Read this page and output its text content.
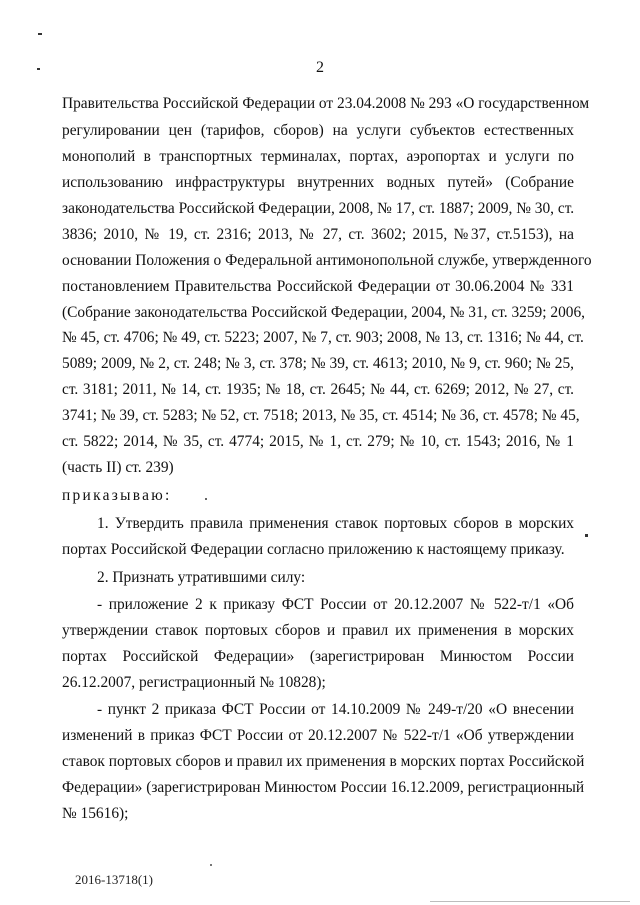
2
Правительства Российской Федерации от 23.04.2008 № 293 «О государственном
регулировании цен (тарифов, сборов) на услуги субъектов естественных
монополий в транспортных терминалах, портах, аэропортах и услуги по
использованию инфраструктуры внутренних водных путей» (Собрание
законодательства Российской Федерации, 2008, № 17, ст. 1887; 2009, № 30, ст.
3836; 2010, № 19, ст. 2316; 2013, № 27, ст. 3602; 2015, №37, ст.5153), на
основании Положения о Федеральной антимонопольной службе, утвержденного
постановлением Правительства Российской Федерации от 30.06.2004 № 331
(Собрание законодательства Российской Федерации, 2004, № 31, ст. 3259; 2006,
№ 45, ст. 4706; № 49, ст. 5223; 2007, № 7, ст. 903; 2008, № 13, ст. 1316; № 44, ст.
5089; 2009, № 2, ст. 248; № 3, ст. 378; № 39, ст. 4613; 2010, № 9, ст. 960; № 25,
ст. 3181; 2011, № 14, ст. 1935; № 18, ст. 2645; № 44, ст. 6269; 2012, № 27, ст.
3741; № 39, ст. 5283; № 52, ст. 7518; 2013, № 35, ст. 4514; № 36, ст. 4578; № 45,
ст. 5822; 2014, № 35, ст. 4774; 2015, № 1, ст. 279; № 10, ст. 1543; 2016, № 1
(часть II) ст. 239)
приказываю:
1. Утвердить правила применения ставок портовых сборов в морских
портах Российской Федерации согласно приложению к настоящему приказу.
2. Признать утратившими силу:
- приложение 2 к приказу ФСТ России от 20.12.2007 № 522-т/1 «Об
утверждении ставок портовых сборов и правил их применения в морских
портах Российской Федерации» (зарегистрирован Минюстом России
26.12.2007, регистрационный № 10828);
- пункт 2 приказа ФСТ России от 14.10.2009 № 249-т/20 «О внесении
изменений в приказ ФСТ России от 20.12.2007 № 522-т/1 «Об утверждении
ставок портовых сборов и правил их применения в морских портах Российской
Федерации» (зарегистрирован Минюстом России 16.12.2009, регистрационный
№ 15616);
2016-13718(1)
